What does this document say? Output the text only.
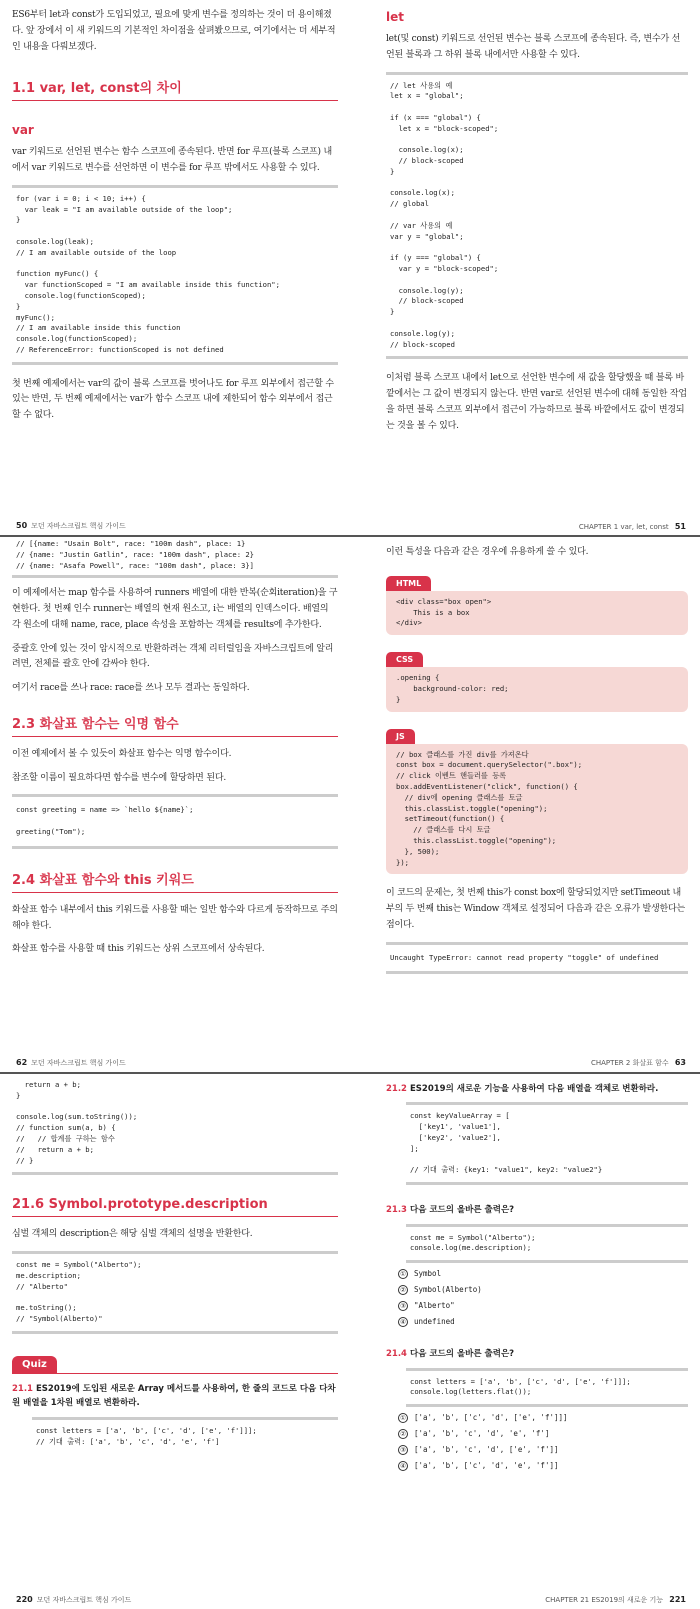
ES6부터 let과 const가 도입되었고, 필요에 맞게 변수를 정의하는 것이 더 용이해졌다. 앞 장에서 이 새 키워드의 기본적인 차이점을 살펴봤으므로, 여기에서는 더 세부적인 내용을 다뤄보겠다.

1.1 var, let, const의 차이
var

var 키워드로 선언된 변수는 함수 스코프에 종속된다. 반면 for 루프(블록 스코프) 내에서 var 키워드로 변수를 선언하면 이 변수를 for 루프 밖에서도 사용할 수 있다.

for (var i = 0; i < 10; i++) {
var leak = "I am available outside of the loop";
}

console.log(leak);
// I am available outside of the loop

function myFunc() {
var functionScoped = "I am available inside this function";
console.log(functionScoped);
}
myFunc();
// I am available inside this function
console.log(functionScoped);
// ReferenceError: functionScoped is not defined

첫 번째 예제에서는 var의 값이 블록 스코프를 벗어나도 for 루프 외부에서 접근할 수 있는 반면, 두 번째 예제에서는 var가 함수 스코프 내에 제한되어 함수 외부에서 접근할 수 없다.

50 모던 자바스크립트 핵심 가이드
let

let(및 const) 키워드로 선언된 변수는 블록 스코프에 종속된다. 즉, 변수가 선언된 블록과 그 하위 블록 내에서만 사용할 수 있다.

// let 사용의 예
let x = "global";

if (x === "global") {
let x = "block-scoped";

console.log(x);
// block-scoped
}

console.log(x);
// global

// var 사용의 예
var y = "global";

if (y === "global") {
var y = "block-scoped";

console.log(y);
// block-scoped
}

console.log(y);
// block-scoped

이처럼 블록 스코프 내에서 let으로 선언한 변수에 새 값을 할당했을 때 블록 바깥에서는 그 값이 변경되지 않는다. 반면 var로 선언된 변수에 대해 동일한 작업을 하면 블록 스코프 외부에서 접근이 가능하므로 블록 바깥에서도 값이 변경되는 것을 볼 수 있다.

CHAPTER 1 var, let, const 51
// [{name: "Usain Bolt", race: "100m dash", place: 1}
// {name: "Justin Gatlin", race: "100m dash", place: 2}
// {name: "Asafa Powell", race: "100m dash", place: 3}]

이 예제에서는 map 함수를 사용하여 runners 배열에 대한 반복(순회iteration)을 구현한다. 첫 번째 인수 runner는 배열의 현재 원소고, i는 배열의 인덱스이다. 배열의 각 원소에 대해 name, race, place 속성을 포함하는 객체를 results에 추가한다.

중괄호 안에 있는 것이 암시적으로 반환하려는 객체 리터럴임을 자바스크립트에 알리려면, 전체를 괄호 안에 감싸야 한다.

여기서 race를 쓰나 race: race를 쓰나 모두 결과는 동일하다.

2.3 화살표 함수는 익명 함수

이전 예제에서 볼 수 있듯이 화살표 함수는 익명 함수이다.

참조할 이름이 필요하다면 함수를 변수에 할당하면 된다.

const greeting = name => `hello ${name}`;

greeting("Tom");
2.4 화살표 함수와 this 키워드

화살표 함수 내부에서 this 키워드를 사용할 때는 일반 함수와 다르게 동작하므로 주의해야 한다.

화살표 함수를 사용할 때 this 키워드는 상위 스코프에서 상속된다.

62 모던 자바스크립트 핵심 가이드

이런 특성을 다음과 같은 경우에 유용하게 쓸 수 있다.

HTML
<div class="box open">
This is a box
</div>
CSS
.opening {
background-color: red;
}
JS
// box 클래스를 가진 div를 가져온다
const box = document.querySelector(".box");
// click 이벤트 핸들러를 등록
box.addEventListener("click", function() {
// div에 opening 클래스를 토글
this.classList.toggle("opening");
setTimeout(function() {
// 클래스를 다시 토글
this.classList.toggle("opening");
}, 500);
});

이 코드의 문제는, 첫 번째 this가 const box에 할당되었지만 setTimeout 내부의 두 번째 this는 Window 객체로 설정되어 다음과 같은 오류가 발생한다는 점이다.

Uncaught TypeError: cannot read property "toggle" of undefined
CHAPTER 2 화살표 함수 63
return a + b;
}

console.log(sum.toString());
// function sum(a, b) {
//   // 합계를 구하는 함수
//   return a + b;
// }
21.6 Symbol.prototype.description

심벌 객체의 description은 해당 심벌 객체의 설명을 반환한다.

const me = Symbol("Alberto");
me.description;
// "Alberto"

me.toString();
// "Symbol(Alberto)"
Quiz
21.1 ES2019에 도입된 새로운 Array 메서드를 사용하여, 한 줄의 코드로 다음 다차원 배열을 1차원 배열로 변환하라.
const letters = ['a', 'b', ['c', 'd', ['e', 'f']]];
// 기대 출력: ['a', 'b', 'c', 'd', 'e', 'f']
220 모던 자바스크립트 핵심 가이드
21.2 ES2019의 새로운 기능을 사용하여 다음 배열을 객체로 변환하라.
const keyValueArray = [
['key1', 'value1'],
['key2', 'value2'],
];

// 기대 출력: {key1: "value1", key2: "value2"}
21.3 다음 코드의 올바른 출력은?
const me = Symbol("Alberto");
console.log(me.description);
① Symbol
② Symbol(Alberto)
③ "Alberto"
④ undefined
21.4 다음 코드의 올바른 출력은?
const letters = ['a', 'b', ['c', 'd', ['e', 'f']]];
console.log(letters.flat());
① ['a', 'b', ['c', 'd', ['e', 'f']]]
② ['a', 'b', 'c', 'd', 'e', 'f']
③ ['a', 'b', 'c', 'd', ['e', 'f']]
④ ['a', 'b', ['c', 'd', 'e', 'f']]
CHAPTER 21 ES2019의 새로운 기능 221
